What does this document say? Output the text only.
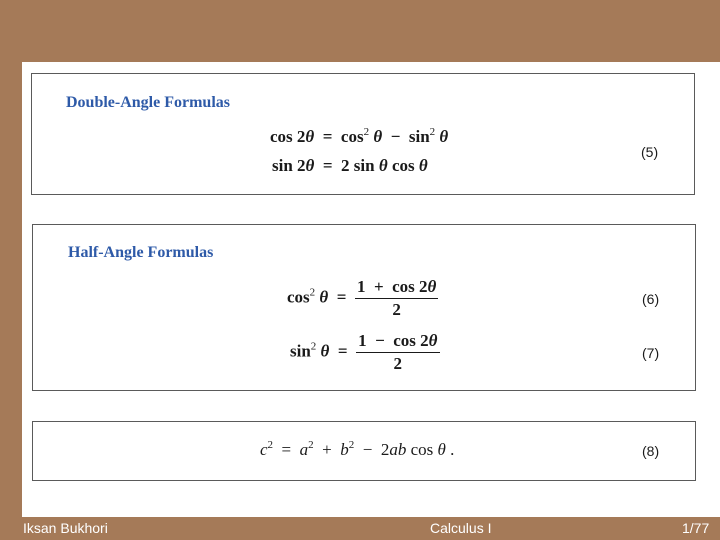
Double-Angle Formulas
$\cos 2\theta = \cos^2 \theta - \sin^2 \theta$
sin 2θ  =  2 sin θ cos θ
(5)
Half-Angle Formulas
$\cos^2 \theta = \frac{1 + \cos 2\theta}{2}$	(6)
$\sin^2 \theta = \frac{1 - \cos 2\theta}{2}$	(7)
$c^2 = a^2 + b^2 - 2ab$ cos θ .	(8)
Iksan Bukhori	Calculus I	1/77
